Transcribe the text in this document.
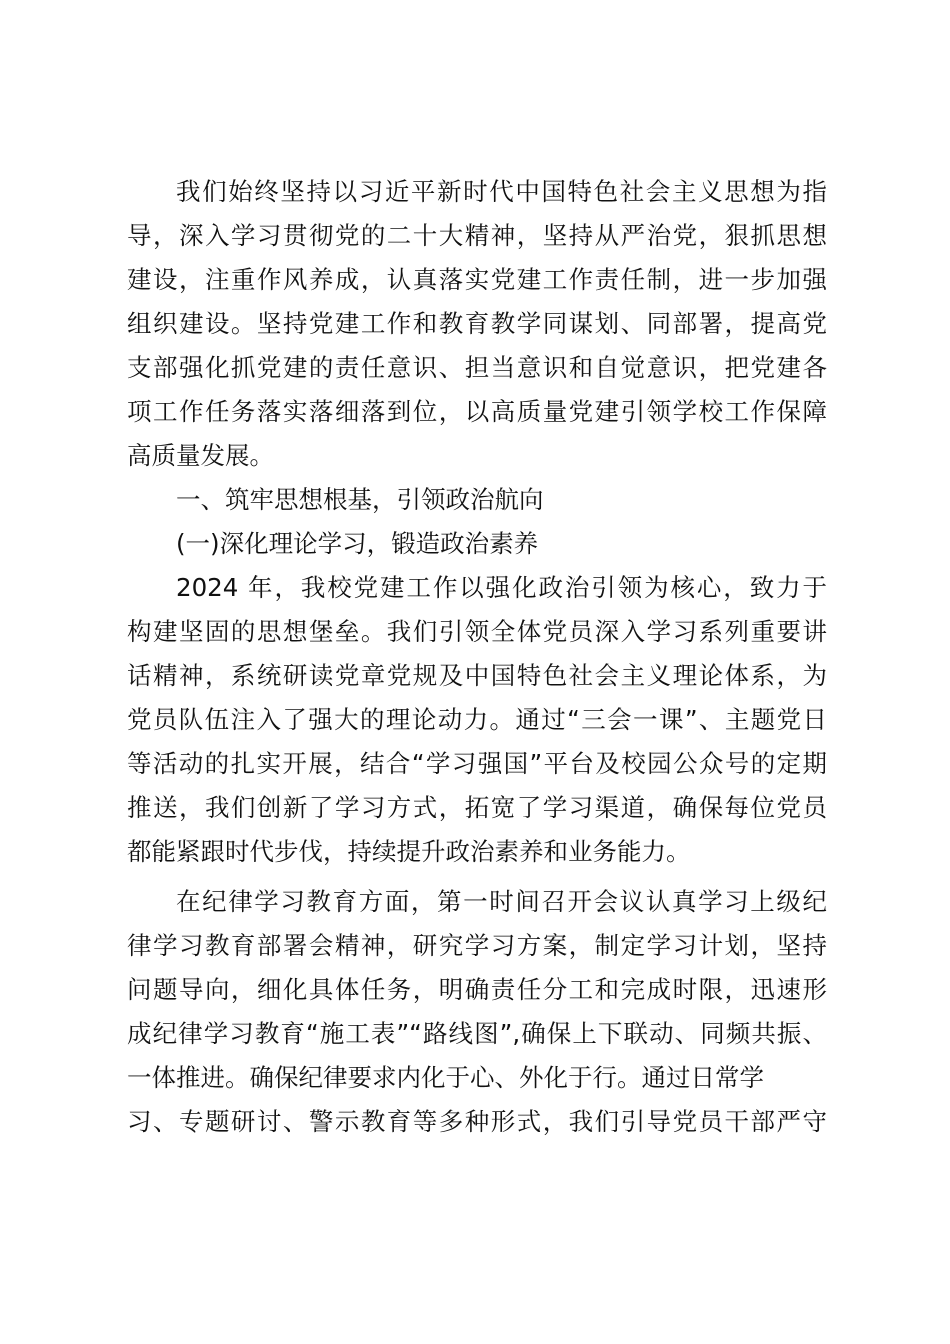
我们始终坚持以习近平新时代中国特色社会主义思想为指
导，深入学习贯彻党的二十大精神，坚持从严治党，狠抓思想
建设，注重作风养成，认真落实党建工作责任制，进一步加强
组织建设。坚持党建工作和教育教学同谋划、同部署，提高党
支部强化抓党建的责任意识、担当意识和自觉意识，把党建各
项工作任务落实落细落到位，以高质量党建引领学校工作保障
高质量发展。
一、筑牢思想根基，引领政治航向
(一)深化理论学习，锻造政治素养
2024 年，我校党建工作以强化政治引领为核心，致力于
构建坚固的思想堡垒。我们引领全体党员深入学习系列重要讲
话精神，系统研读党章党规及中国特色社会主义理论体系，为
党员队伍注入了强大的理论动力。通过“三会一课”、主题党日
等活动的扎实开展，结合“学习强国”平台及校园公众号的定期
推送，我们创新了学习方式，拓宽了学习渠道，确保每位党员
都能紧跟时代步伐，持续提升政治素养和业务能力。
在纪律学习教育方面，第一时间召开会议认真学习上级纪
律学习教育部署会精神，研究学习方案，制定学习计划，坚持
问题导向，细化具体任务，明确责任分工和完成时限，迅速形
成纪律学习教育“施工表”“路线图”,确保上下联动、同频共振、
一体推进。确保纪律要求内化于心、外化于行。通过日常学
习、专题研讨、警示教育等多种形式，我们引导党员干部严守
